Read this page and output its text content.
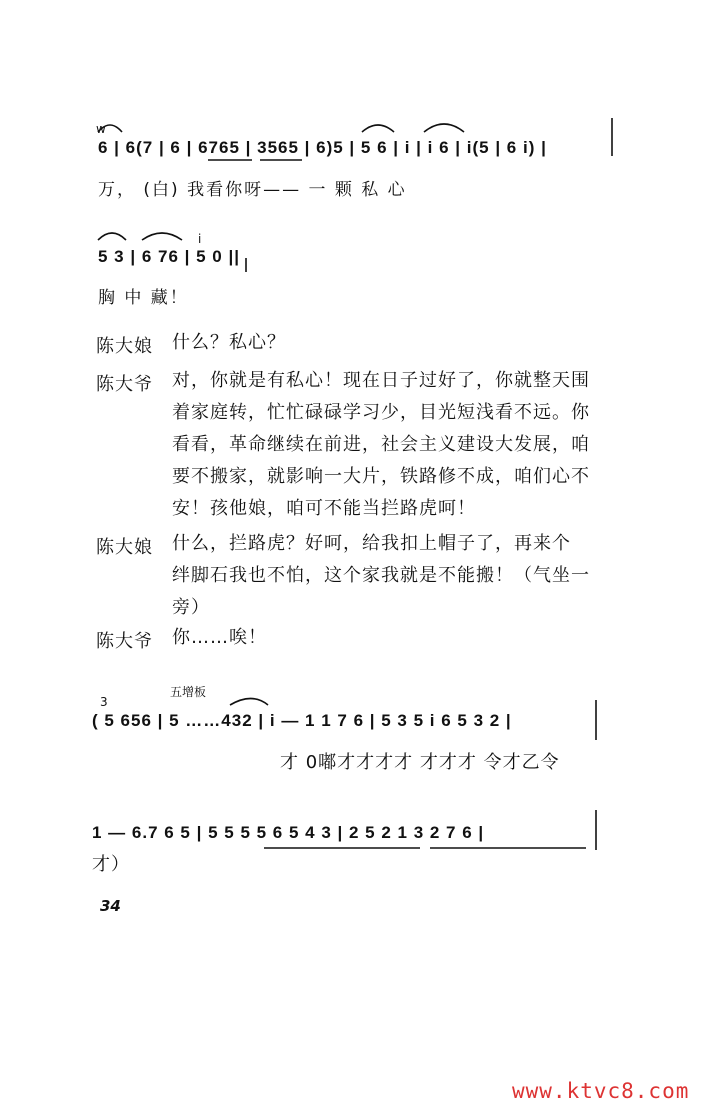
w
6 | 6(7 | 6 | 6765 | 3565 | 6)5 | 5 6 | i | i 6 | i(5 | 6 i) |
万， (白) 我看你呀—— 一 颗 私 心
i
5 3 | 6 76 | 5 0 ||
胸 中 藏！
陈大娘 什么？私心？
陈大爷 对，你就是有私心！现在日子过好了，你就整天围
着家庭转，忙忙碌碌学习少，目光短浅看不远。你
看看，革命继续在前进，社会主义建设大发展，咱
要不搬家，就影响一大片，铁路修不成，咱们心不
安！孩他娘，咱可不能当拦路虎呵！
陈大娘 什么，拦路虎？好呵，给我扣上帽子了，再来个
绊脚石我也不怕，这个家我就是不能搬！（气坐一
旁）
陈大爷 你……唉！
五增板
3
( 5 656 | 5 ……432 | i — 1 1 7 6 | 5 3 5 i 6 5 3 2 |
才 0嘟才才才才 才才才 令才乙令
1 — 6.7 6 5 | 5 5 5 5 6 5 4 3 | 2 5 2 1 3 2 7 6 |
才）
34
www.ktvc8.com
